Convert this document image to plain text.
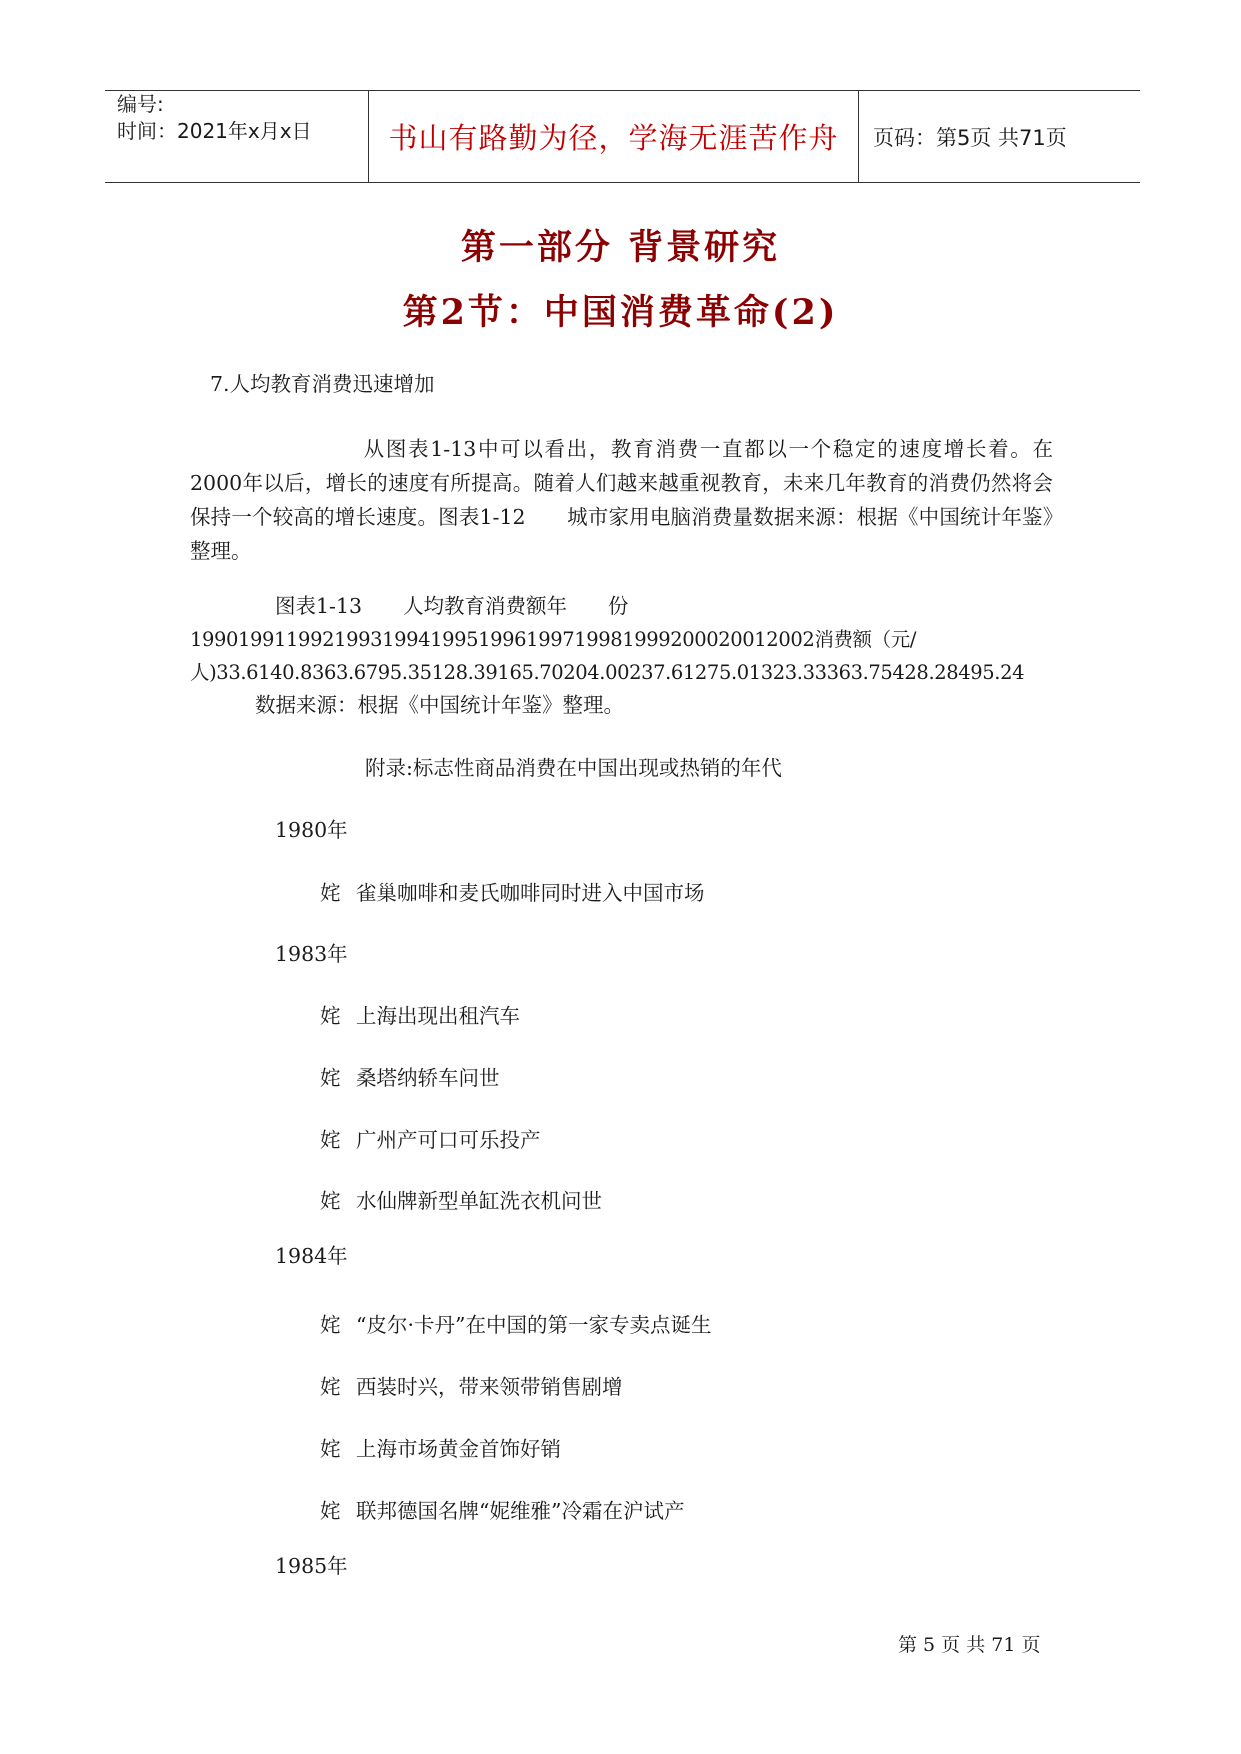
编号:
时间：2021年x月x日	书山有路勤为径，学海无涯苦作舟	页码：第5页 共71页
第一部分 背景研究
第2节：中国消费革命(2)
7.人均教育消费迅速增加
从图表1-13中可以看出，教育消费一直都以一个稳定的速度增长着。在2000年以后，增长的速度有所提高。随着人们越来越重视教育，未来几年教育的消费仍然将会保持一个较高的增长速度。图表1-12　　城市家用电脑消费量数据来源：根据《中国统计年鉴》整理。
图表1-13　　人均教育消费额年　　份
1990199119921993199419951996199719981999200020012002消费额（元/
人)33.6140.8363.6795.35128.39165.70204.00237.61275.01323.33363.75428.28495.24
数据来源：根据《中国统计年鉴》整理。
附录:标志性商品消费在中国出现或热销的年代
1980年
姹 雀巢咖啡和麦氏咖啡同时进入中国市场
1983年
姹 上海出现出租汽车
姹 桑塔纳轿车问世
姹 广州产可口可乐投产
姹 水仙牌新型单缸洗衣机问世
1984年
姹 “皮尔·卡丹”在中国的第一家专卖点诞生
姹 西装时兴，带来领带销售剧增
姹 上海市场黄金首饰好销
姹 联邦德国名牌“妮维雅”冷霜在沪试产
1985年
第 5 页 共 71 页
